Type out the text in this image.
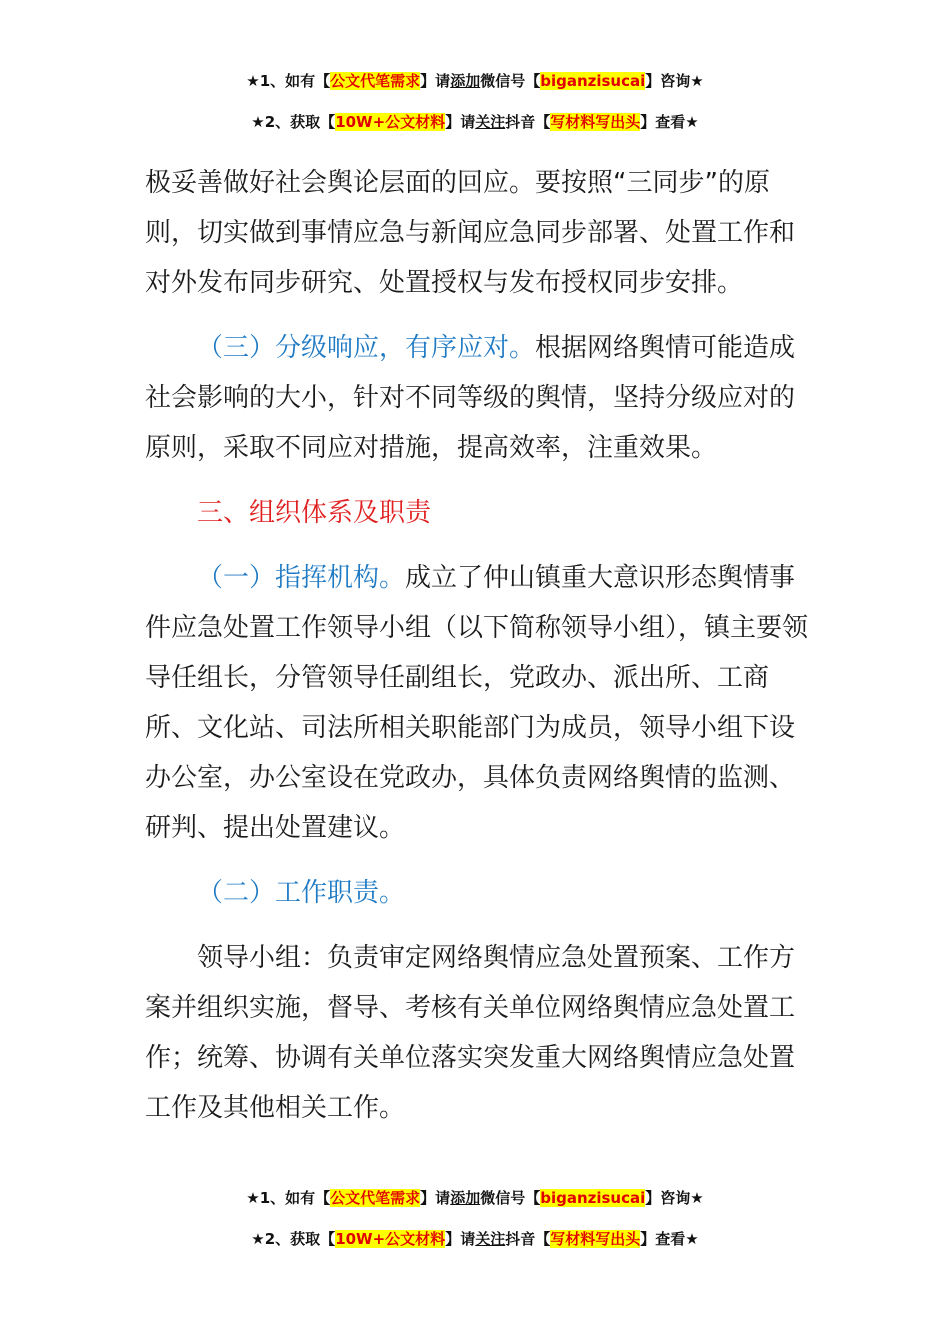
★1、如有【公文代笔需求】请添加微信号【biganzisucai】咨询★
★2、获取【10W+公文材料】请关注抖音【写材料写出头】查看★

极妥善做好社会舆论层面的回应。要按照“三同步”的原则，切实做到事情应急与新闻应急同步部署、处置工作和对外发布同步研究、处置授权与发布授权同步安排。

（三）分级响应，有序应对。根据网络舆情可能造成社会影响的大小，针对不同等级的舆情，坚持分级应对的原则，采取不同应对措施，提高效率，注重效果。

三、组织体系及职责

（一）指挥机构。成立了仲山镇重大意识形态舆情事件应急处置工作领导小组（以下简称领导小组），镇主要领导任组长，分管领导任副组长，党政办、派出所、工商所、文化站、司法所相关职能部门为成员，领导小组下设办公室，办公室设在党政办，具体负责网络舆情的监测、研判、提出处置建议。

（二）工作职责。

领导小组：负责审定网络舆情应急处置预案、工作方案并组织实施，督导、考核有关单位网络舆情应急处置工作；统筹、协调有关单位落实突发重大网络舆情应急处置工作及其他相关工作。

★1、如有【公文代笔需求】请添加微信号【biganzisucai】咨询★
★2、获取【10W+公文材料】请关注抖音【写材料写出头】查看★
